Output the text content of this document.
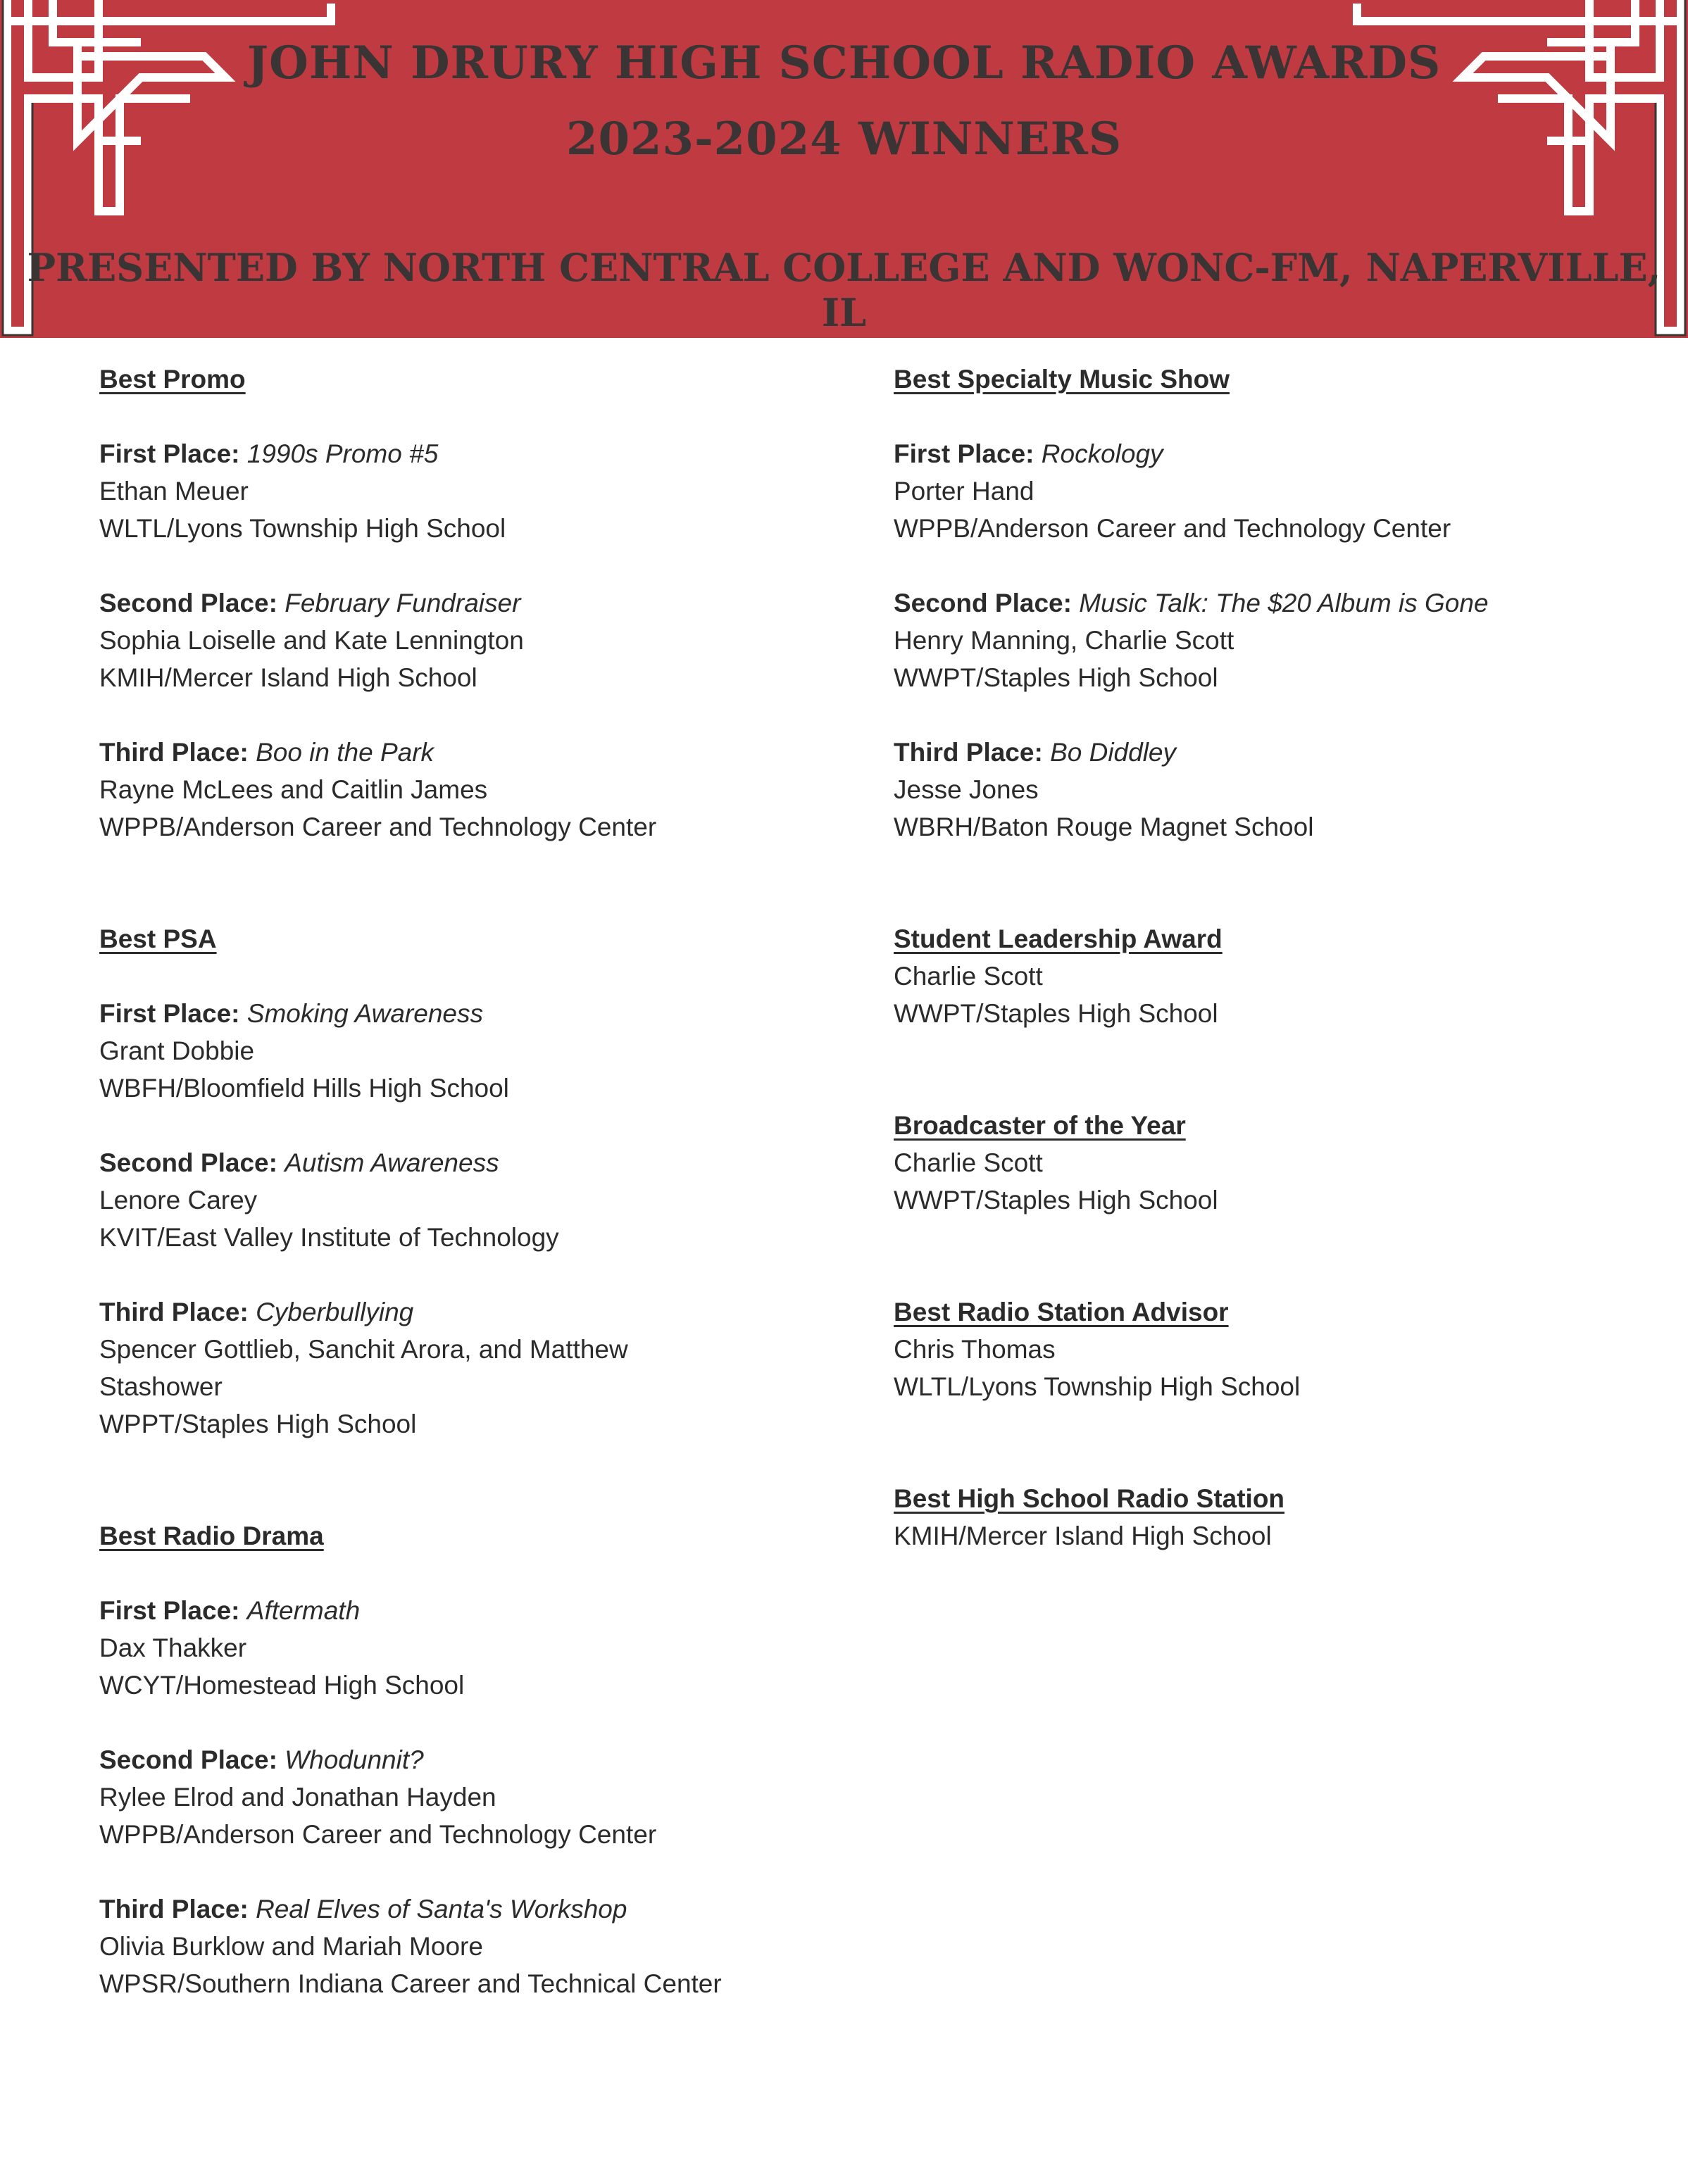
JOHN DRURY HIGH SCHOOL RADIO AWARDS
2023-2024 WINNERS
PRESENTED BY NORTH CENTRAL COLLEGE AND WONC-FM, NAPERVILLE, IL
Best Promo
First Place: 1990s Promo #5
Ethan Meuer
WLTL/Lyons Township High School
Second Place: February Fundraiser
Sophia Loiselle and Kate Lennington
KMIH/Mercer Island High School
Third Place: Boo in the Park
Rayne McLees and Caitlin James
WPPB/Anderson Career and Technology Center
Best PSA
First Place: Smoking Awareness
Grant Dobbie
WBFH/Bloomfield Hills High School
Second Place: Autism Awareness
Lenore Carey
KVIT/East Valley Institute of Technology
Third Place: Cyberbullying
Spencer Gottlieb, Sanchit Arora, and Matthew
Stashower
WPPT/Staples High School
Best Radio Drama
First Place: Aftermath
Dax Thakker
WCYT/Homestead High School
Second Place: Whodunnit?
Rylee Elrod and Jonathan Hayden
WPPB/Anderson Career and Technology Center
Third Place: Real Elves of Santa's Workshop
Olivia Burklow and Mariah Moore
WPSR/Southern Indiana Career and Technical Center
Best Specialty Music Show
First Place: Rockology
Porter Hand
WPPB/Anderson Career and Technology Center
Second Place: Music Talk: The $20 Album is Gone
Henry Manning, Charlie Scott
WWPT/Staples High School
Third Place: Bo Diddley
Jesse Jones
WBRH/Baton Rouge Magnet School
Student Leadership Award
Charlie Scott
WWPT/Staples High School
Broadcaster of the Year
Charlie Scott
WWPT/Staples High School
Best Radio Station Advisor
Chris Thomas
WLTL/Lyons Township High School
Best High School Radio Station
KMIH/Mercer Island High School
